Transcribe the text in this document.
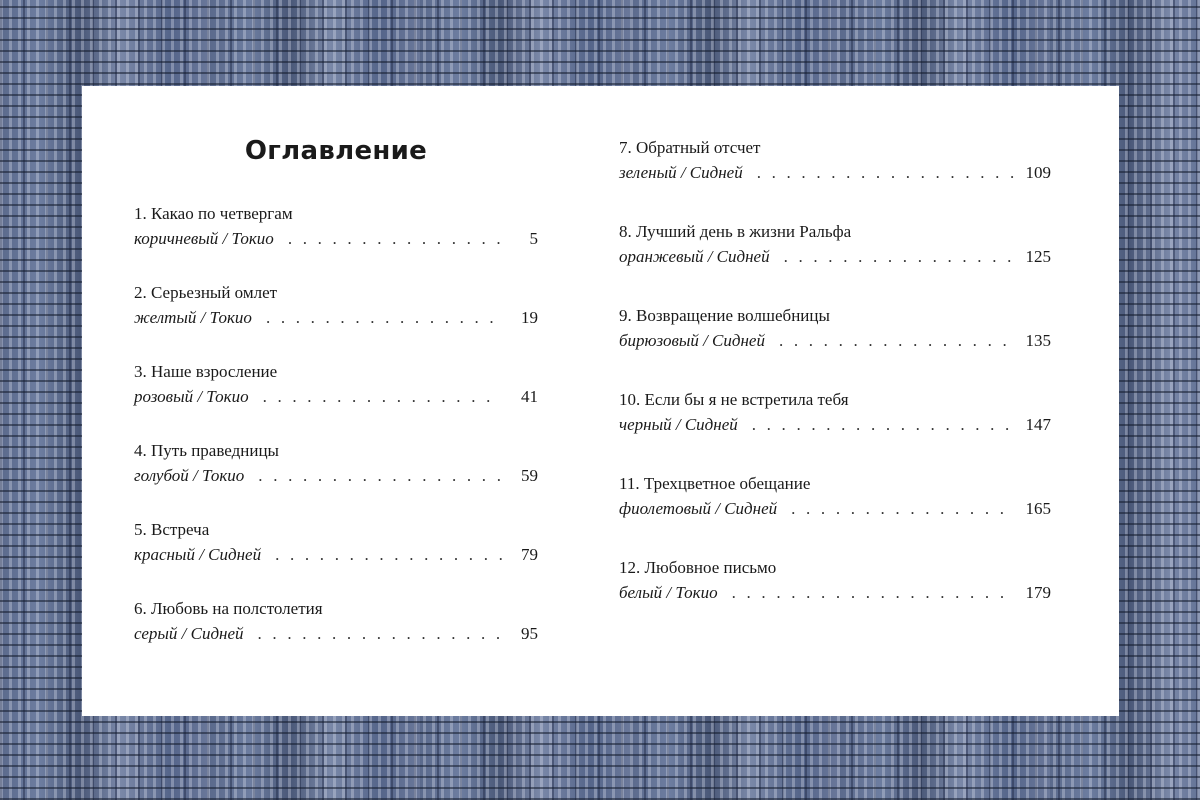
Оглавление
1. Какао по четвергам
коричневый / Токио . . .	5
2. Серьезный омлет
желтый / Токио . . .	19
3. Наше взросление
розовый / Токио . . .	41
4. Путь праведницы
голубой / Токио . . .	59
5. Встреча
красный / Сидней . . .	79
6. Любовь на полстолетия
серый / Сидней . . .	95
7. Обратный отсчет
зеленый / Сидней . . .	109
8. Лучший день в жизни Ральфа
оранжевый / Сидней . . .	125
9. Возвращение волшебницы
бирюзовый / Сидней . . .	135
10. Если бы я не встретила тебя
черный / Сидней . . .	147
11. Трехцветное обещание
фиолетовый / Сидней . . .	165
12. Любовное письмо
белый / Токио . . .	179
